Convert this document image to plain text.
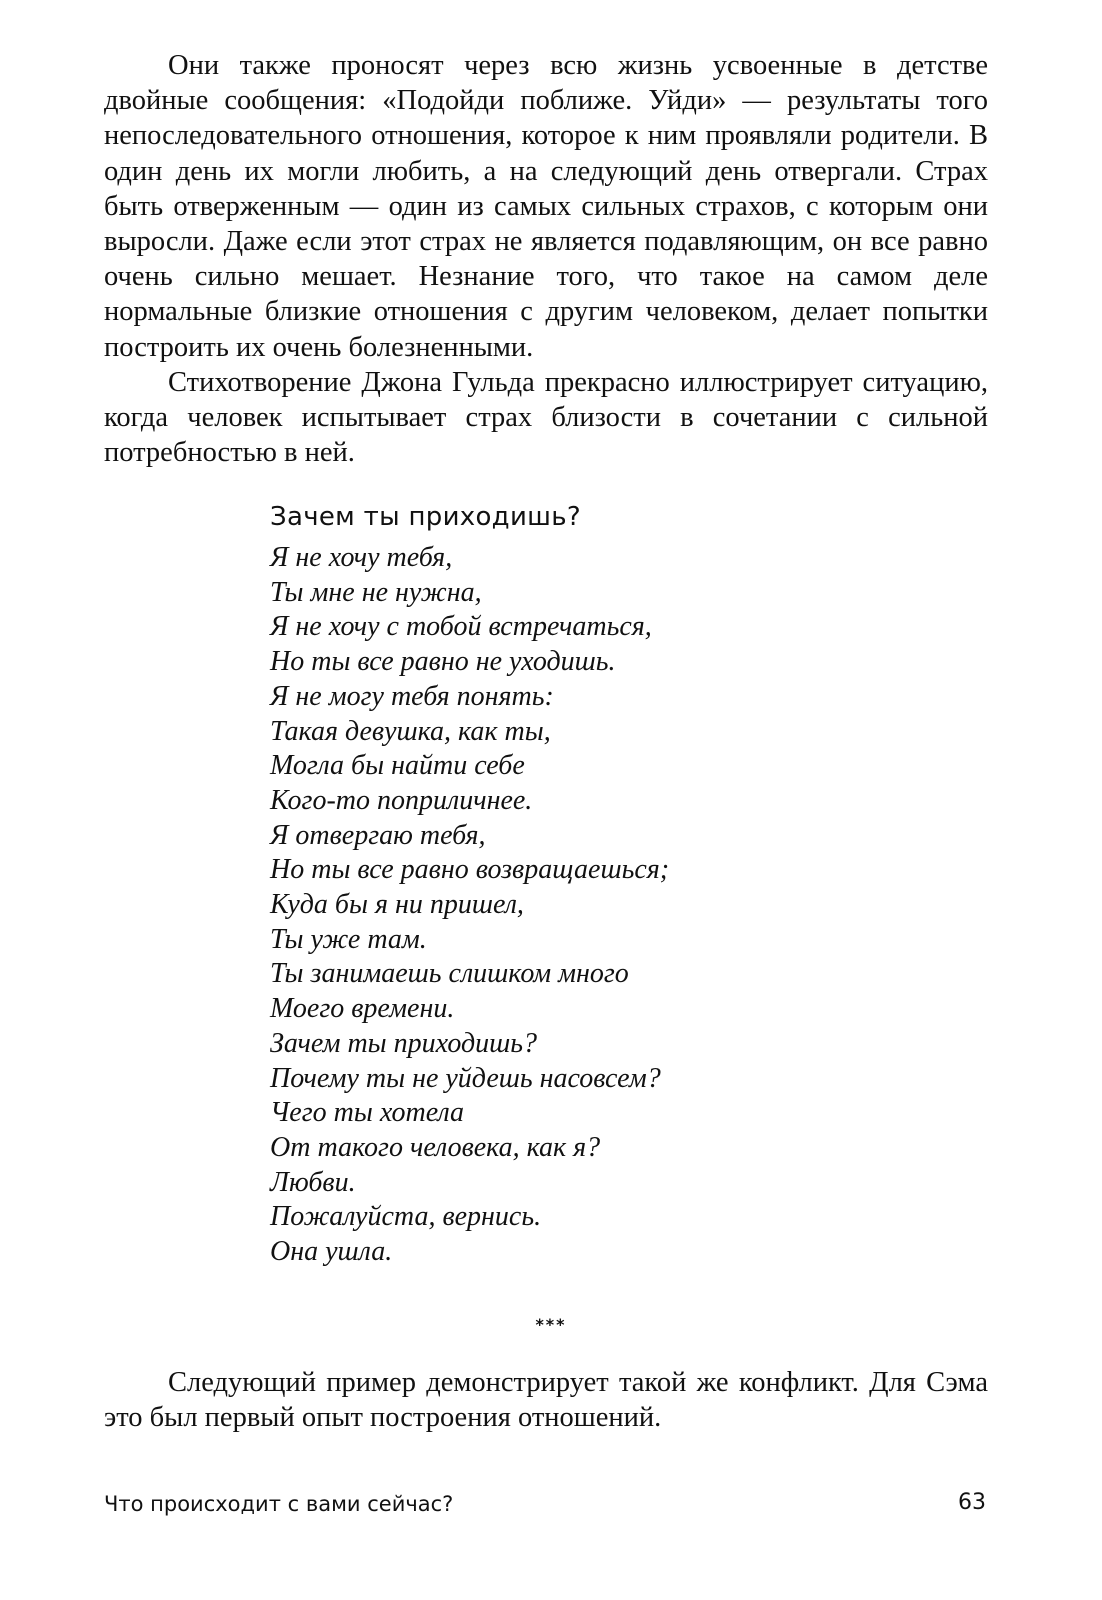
Они также проносят через всю жизнь усвоенные в детстве двойные сообщения: «Подойди поближе. Уйди» — результаты того непоследовательного отношения, которое к ним проявляли родители. В один день их могли любить, а на следующий день отвергали. Страх быть отверженным — один из самых сильных страхов, с которым они выросли. Даже если этот страх не является подавляющим, он все равно очень сильно мешает. Незнание того, что такое на самом деле нормальные близкие отношения с другим человеком, делает попытки построить их очень болезненными.

Стихотворение Джона Гульда прекрасно иллюстрирует ситуацию, когда человек испытывает страх близости в сочетании с сильной потребностью в ней.

Зачем ты приходишь?
Я не хочу тебя,
Ты мне не нужна,
Я не хочу с тобой встречаться,
Но ты все равно не уходишь.
Я не могу тебя понять:
Такая девушка, как ты,
Могла бы найти себе
Кого-то поприличнее.
Я отвергаю тебя,
Но ты все равно возвращаешься;
Куда бы я ни пришел,
Ты уже там.
Ты занимаешь слишком много
Моего времени.
Зачем ты приходишь?
Почему ты не уйдешь насовсем?
Чего ты хотела
От такого человека, как я?
Любви.
Пожалуйста, вернись.
Она ушла.
***

Следующий пример демонстрирует такой же конфликт. Для Сэма это был первый опыт построения отношений.

Что происходит с вами сейчас?	63
